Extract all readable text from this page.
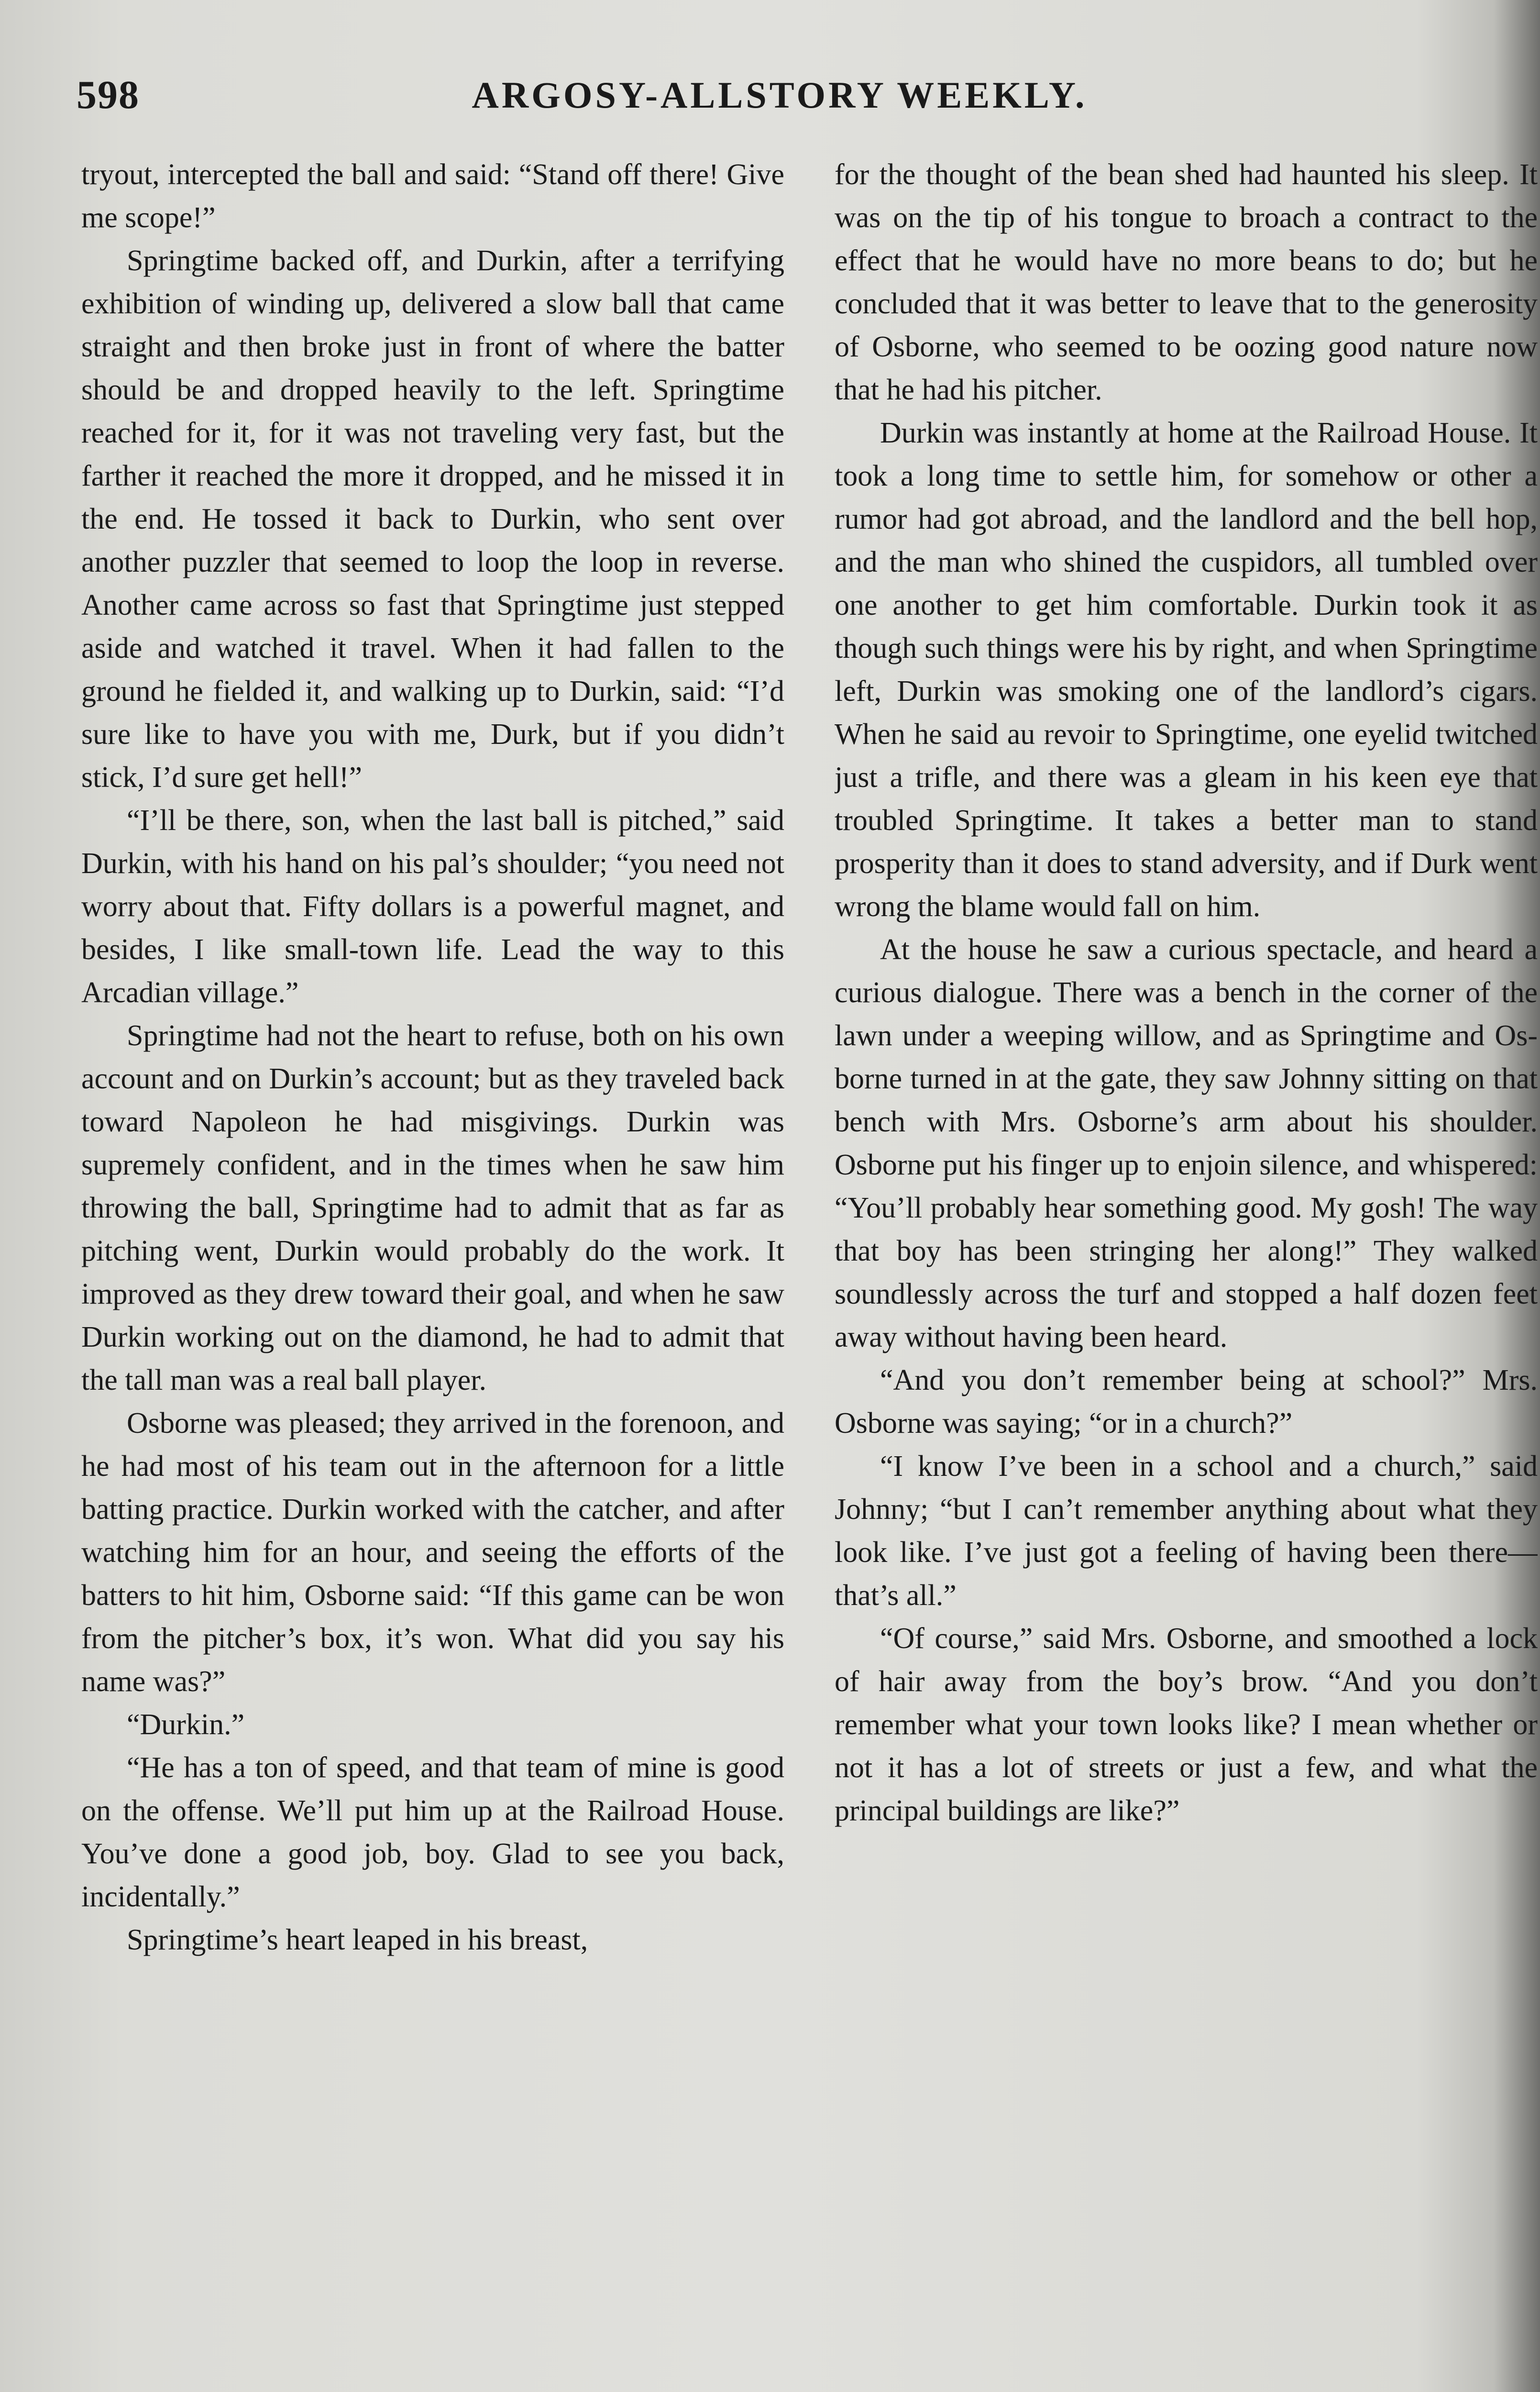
598	ARGOSY-ALLSTORY WEEKLY.

tryout, intercepted the ball and said: “Stand off there! Give me scope!”

Springtime backed off, and Durkin, after a terrifying exhibition of winding up, delivered a slow ball that came straight and then broke just in front of where the batter should be and dropped heavily to the left. Springtime reached for it, for it was not traveling very fast, but the farther it reached the more it dropped, and he missed it in the end. He tossed it back to Durkin, who sent over another puzzler that seemed to loop the loop in reverse. Another came across so fast that Springtime just stepped aside and watched it travel. When it had fallen to the ground he fielded it, and walking up to Durkin, said: “I’d sure like to have you with me, Durk, but if you didn’t stick, I’d sure get hell!”

“I’ll be there, son, when the last ball is pitched,” said Durkin, with his hand on his pal’s shoulder; “you need not worry about that. Fifty dollars is a powerful magnet, and besides, I like small-town life. Lead the way to this Arcadian village.”

Springtime had not the heart to refuse, both on his own account and on Durkin’s account; but as they traveled back toward Napoleon he had misgivings. Durkin was supremely confident, and in the times when he saw him throwing the ball, Springtime had to admit that as far as pitching went, Durkin would probably do the work. It improved as they drew toward their goal, and when he saw Durkin working out on the diamond, he had to admit that the tall man was a real ball player.

Osborne was pleased; they arrived in the forenoon, and he had most of his team out in the afternoon for a little batting practice. Durkin worked with the catcher, and after watching him for an hour, and seeing the efforts of the batters to hit him, Osborne said: “If this game can be won from the pitcher’s box, it’s won. What did you say his name was?”

“Durkin.”

“He has a ton of speed, and that team of mine is good on the offense. We’ll put him up at the Railroad House. You’ve done a good job, boy. Glad to see you back, incidentally.”

Springtime’s heart leaped in his breast,

for the thought of the bean shed had haunted his sleep. It was on the tip of his tongue to broach a contract to the effect that he would have no more beans to do; but he concluded that it was better to leave that to the generosity of Osborne, who seemed to be oozing good nature now that he had his pitcher.

Durkin was instantly at home at the Railroad House. It took a long time to settle him, for somehow or other a rumor had got abroad, and the landlord and the bell hop, and the man who shined the cuspidors, all tumbled over one another to get him comfortable. Durkin took it as though such things were his by right, and when Springtime left, Durkin was smoking one of the landlord’s cigars. When he said au revoir to Springtime, one eyelid twitched just a trifle, and there was a gleam in his keen eye that troubled Springtime. It takes a better man to stand prosperity than it does to stand adversity, and if Durk went wrong the blame would fall on him.

At the house he saw a curious spectacle, and heard a curious dialogue. There was a bench in the corner of the lawn under a weeping willow, and as Springtime and Osborne turned in at the gate, they saw Johnny sitting on that bench with Mrs. Osborne’s arm about his shoulder. Osborne put his finger up to enjoin silence, and whispered: “You’ll probably hear something good. My gosh! The way that boy has been stringing her along!” They walked soundlessly across the turf and stopped a half dozen feet away without having been heard.

“And you don’t remember being at school?” Mrs. Osborne was saying; “or in a church?”

“I know I’ve been in a school and a church,” said Johnny; “but I can’t remember anything about what they look like. I’ve just got a feeling of having been there—that’s all.”

“Of course,” said Mrs. Osborne, and smoothed a lock of hair away from the boy’s brow. “And you don’t remember what your town looks like? I mean whether or not it has a lot of streets or just a few, and what the principal buildings are like?”
